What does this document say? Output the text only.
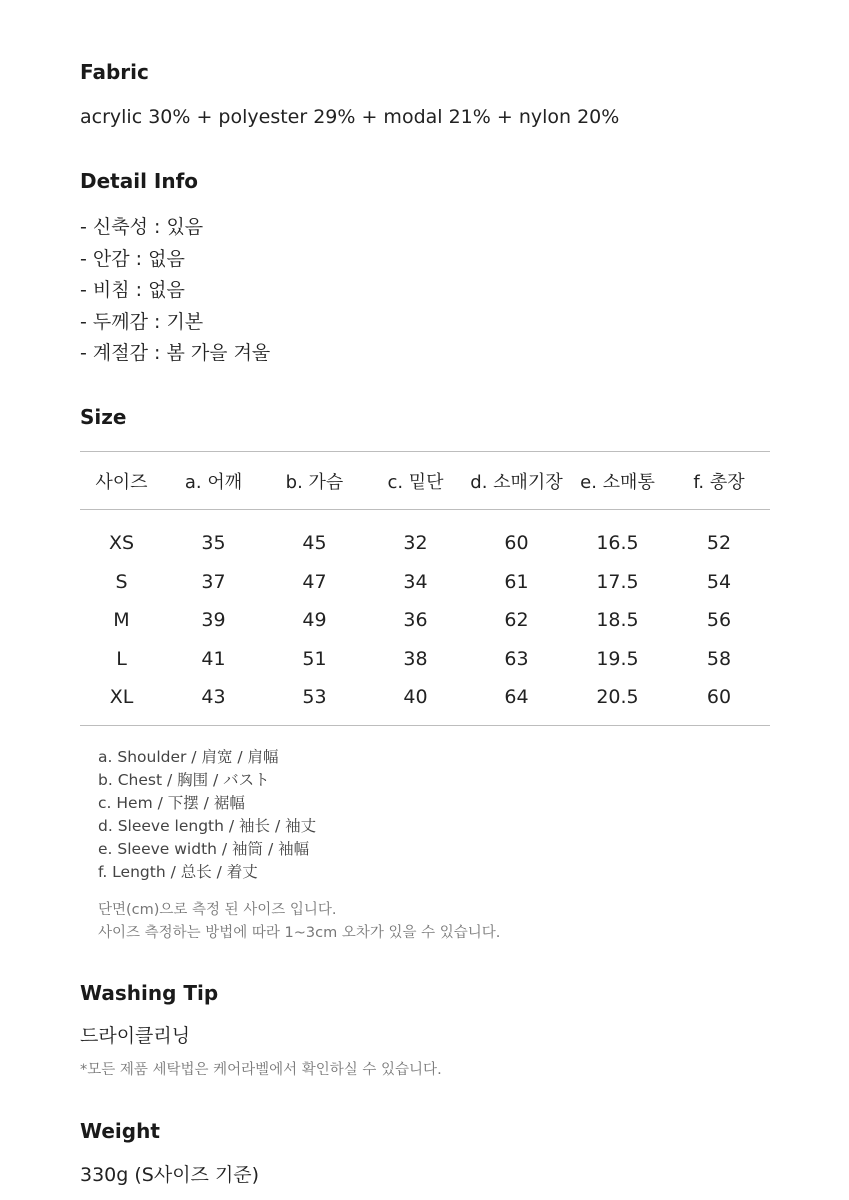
Fabric
acrylic 30% + polyester 29% + modal 21% + nylon 20%
Detail Info
- 신축성 : 있음
- 안감 : 없음
- 비침 : 없음
- 두께감 : 기본
- 계절감 : 봄 가을 겨울
Size
사이즈	a. 어깨	b. 가슴	c. 밑단	d. 소매기장	e. 소매통	f. 총장
XS	35	45	32	60	16.5	52
S	37	47	34	61	17.5	54
M	39	49	36	62	18.5	56
L	41	51	38	63	19.5	58
XL	43	53	40	64	20.5	60
a. Shoulder / 肩宽 / 肩幅
b. Chest / 胸围 / バスト
c. Hem / 下摆 / 裾幅
d. Sleeve length / 袖长 / 袖丈
e. Sleeve width / 袖筒 / 袖幅
f. Length / 总长 / 着丈
단면(cm)으로 측정 된 사이즈 입니다.
사이즈 측정하는 방법에 따라 1~3cm 오차가 있을 수 있습니다.
Washing Tip
드라이클리닝
*모든 제품 세탁법은 케어라벨에서 확인하실 수 있습니다.
Weight
330g (S사이즈 기준)
